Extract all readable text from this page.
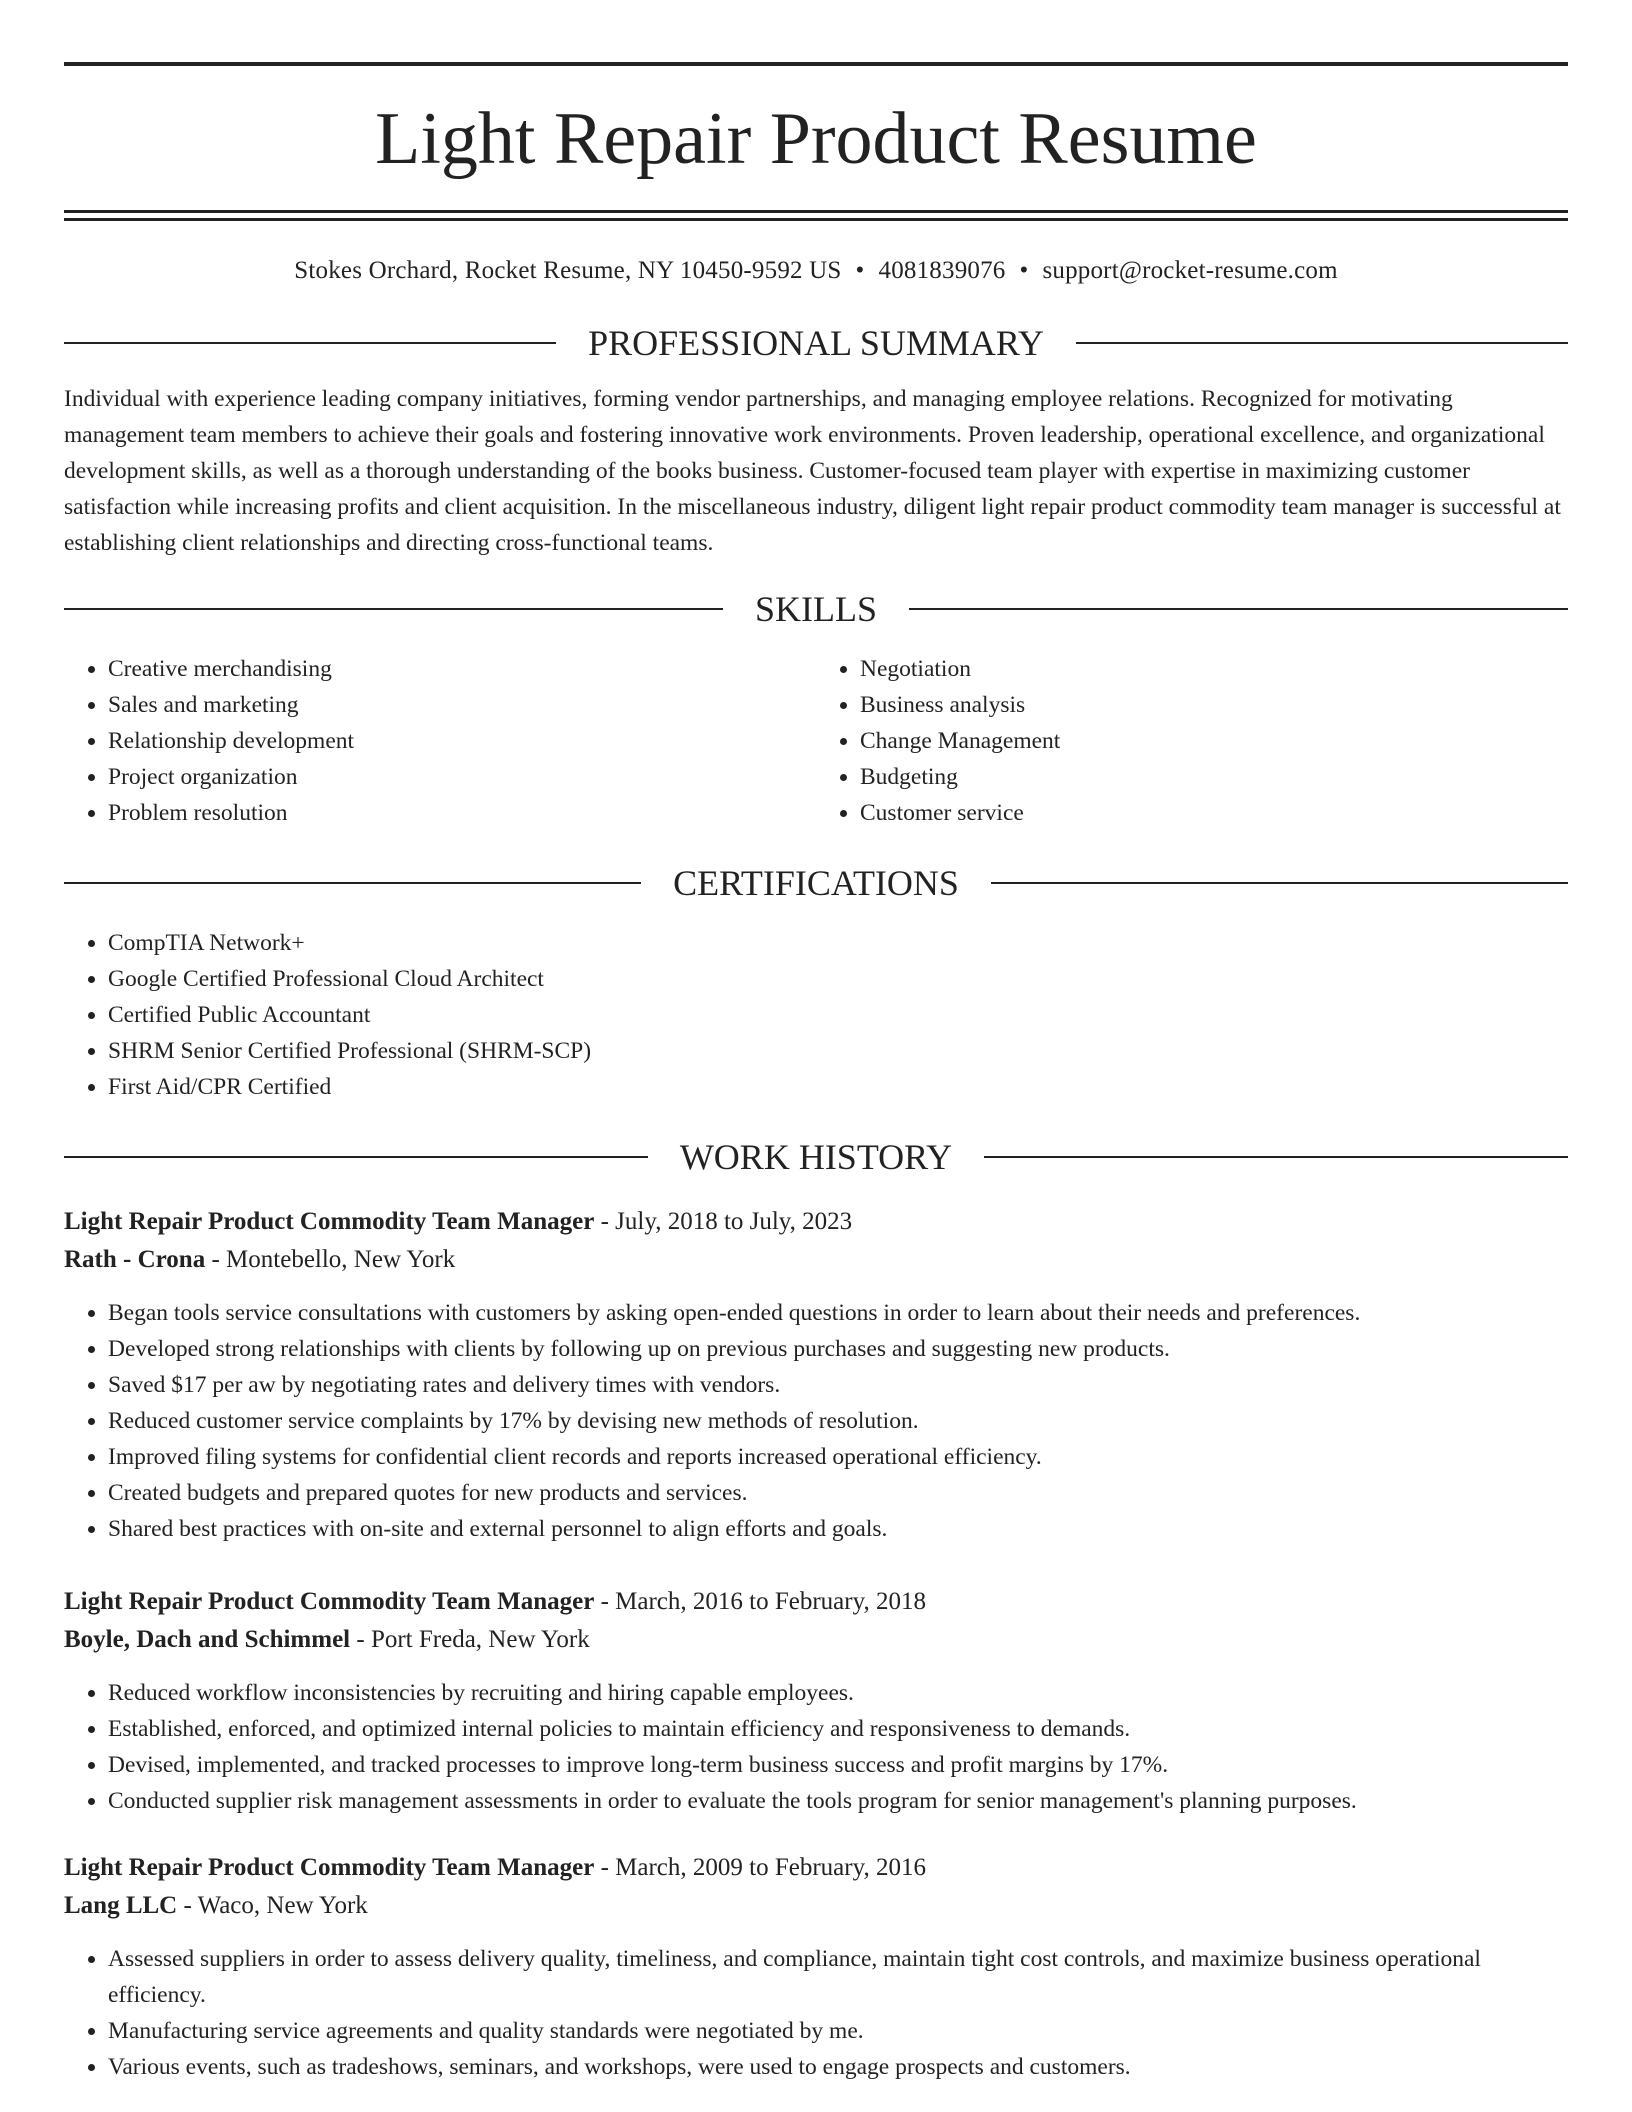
Light Repair Product Resume
Stokes Orchard, Rocket Resume, NY 10450-9592 US • 4081839076 • support@rocket-resume.com
PROFESSIONAL SUMMARY
Individual with experience leading company initiatives, forming vendor partnerships, and managing employee relations. Recognized for motivating management team members to achieve their goals and fostering innovative work environments. Proven leadership, operational excellence, and organizational development skills, as well as a thorough understanding of the books business. Customer-focused team player with expertise in maximizing customer satisfaction while increasing profits and client acquisition. In the miscellaneous industry, diligent light repair product commodity team manager is successful at establishing client relationships and directing cross-functional teams.
SKILLS
• Creative merchandising
• Sales and marketing
• Relationship development
• Project organization
• Problem resolution
• Negotiation
• Business analysis
• Change Management
• Budgeting
• Customer service
CERTIFICATIONS
• CompTIA Network+
• Google Certified Professional Cloud Architect
• Certified Public Accountant
• SHRM Senior Certified Professional (SHRM-SCP)
• First Aid/CPR Certified
WORK HISTORY
Light Repair Product Commodity Team Manager - July, 2018 to July, 2023
Rath - Crona - Montebello, New York
• Began tools service consultations with customers by asking open-ended questions in order to learn about their needs and preferences.
• Developed strong relationships with clients by following up on previous purchases and suggesting new products.
• Saved $17 per aw by negotiating rates and delivery times with vendors.
• Reduced customer service complaints by 17% by devising new methods of resolution.
• Improved filing systems for confidential client records and reports increased operational efficiency.
• Created budgets and prepared quotes for new products and services.
• Shared best practices with on-site and external personnel to align efforts and goals.
Light Repair Product Commodity Team Manager - March, 2016 to February, 2018
Boyle, Dach and Schimmel - Port Freda, New York
• Reduced workflow inconsistencies by recruiting and hiring capable employees.
• Established, enforced, and optimized internal policies to maintain efficiency and responsiveness to demands.
• Devised, implemented, and tracked processes to improve long-term business success and profit margins by 17%.
• Conducted supplier risk management assessments in order to evaluate the tools program for senior management's planning purposes.
Light Repair Product Commodity Team Manager - March, 2009 to February, 2016
Lang LLC - Waco, New York
• Assessed suppliers in order to assess delivery quality, timeliness, and compliance, maintain tight cost controls, and maximize business operational efficiency.
• Manufacturing service agreements and quality standards were negotiated by me.
• Various events, such as tradeshows, seminars, and workshops, were used to engage prospects and customers.
